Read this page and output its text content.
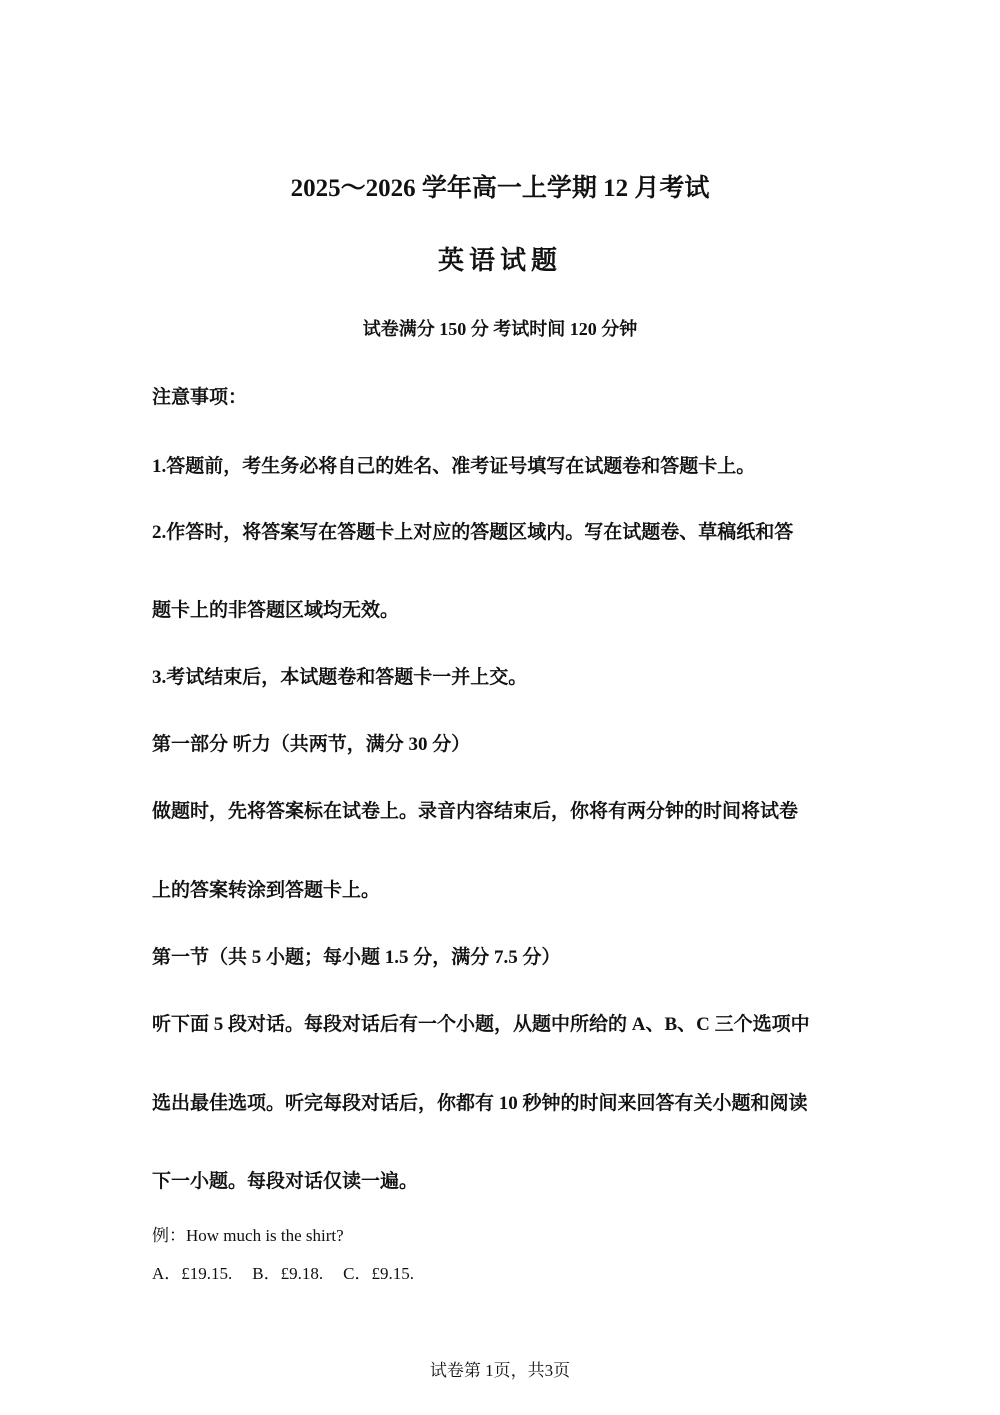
2025～2026 学年高一上学期 12 月考试
英语试题
试卷满分 150 分 考试时间 120 分钟
注意事项：
1.答题前，考生务必将自己的姓名、准考证号填写在试题卷和答题卡上。
2.作答时，将答案写在答题卡上对应的答题区域内。写在试题卷、草稿纸和答
题卡上的非答题区域均无效。
3.考试结束后，本试题卷和答题卡一并上交。
第一部分 听力（共两节，满分 30 分）
做题时，先将答案标在试卷上。录音内容结束后，你将有两分钟的时间将试卷
上的答案转涂到答题卡上。
第一节（共 5 小题；每小题 1.5 分，满分 7.5 分）
听下面 5 段对话。每段对话后有一个小题，从题中所给的 A、B、C 三个选项中
选出最佳选项。听完每段对话后，你都有 10 秒钟的时间来回答有关小题和阅读
下一小题。每段对话仅读一遍。
例：How much is the shirt?
A．£19.15. B．£9.18. C．£9.15.
试卷第 1页，共3页
